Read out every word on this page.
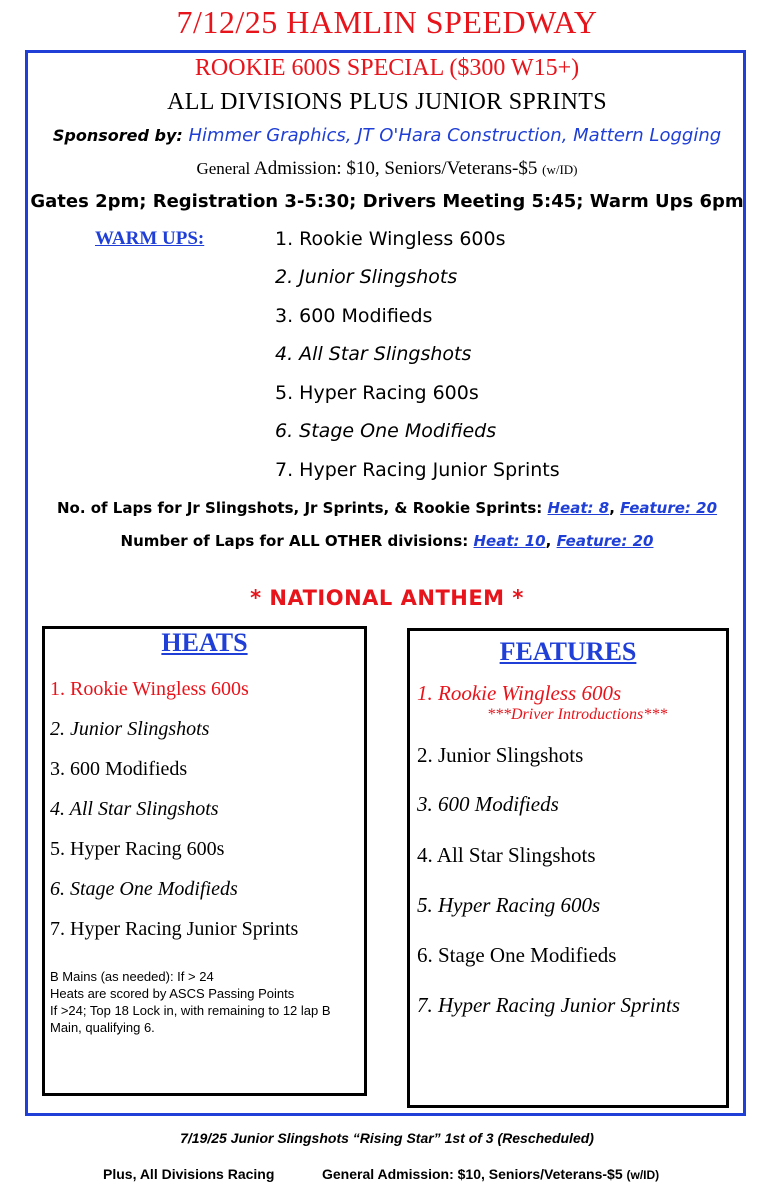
7/12/25 HAMLIN SPEEDWAY
ROOKIE 600S SPECIAL ($300 W15+)
ALL DIVISIONS PLUS JUNIOR SPRINTS
Sponsored by: Himmer Graphics, JT O'Hara Construction, Mattern Logging
General Admission: $10, Seniors/Veterans-$5 (w/ID)
Gates 2pm; Registration 3-5:30; Drivers Meeting 5:45; Warm Ups 6pm
WARM UPS:	1. Rookie Wingless 600s
2. Junior Slingshots
3. 600 Modifieds
4. All Star Slingshots
5. Hyper Racing 600s
6. Stage One Modifieds
7. Hyper Racing Junior Sprints
No. of Laps for Jr Slingshots, Jr Sprints, & Rookie Sprints: Heat: 8, Feature: 20
Number of Laps for ALL OTHER divisions: Heat: 10, Feature: 20
* NATIONAL ANTHEM *
HEATS
1. Rookie Wingless 600s
2. Junior Slingshots
3. 600 Modifieds
4. All Star Slingshots
5. Hyper Racing 600s
6. Stage One Modifieds
7. Hyper Racing Junior Sprints
B Mains (as needed): If > 24
Heats are scored by ASCS Passing Points
If >24; Top 18 Lock in, with remaining to 12 lap B Main, qualifying 6.
FEATURES
1. Rookie Wingless 600s
***Driver Introductions***
2. Junior Slingshots
3. 600 Modifieds
4. All Star Slingshots
5. Hyper Racing 600s
6. Stage One Modifieds
7. Hyper Racing Junior Sprints
7/19/25 Junior Slingshots “Rising Star” 1st of 3 (Rescheduled)
Plus, All Divisions Racing	General Admission: $10, Seniors/Veterans-$5 (w/ID)
